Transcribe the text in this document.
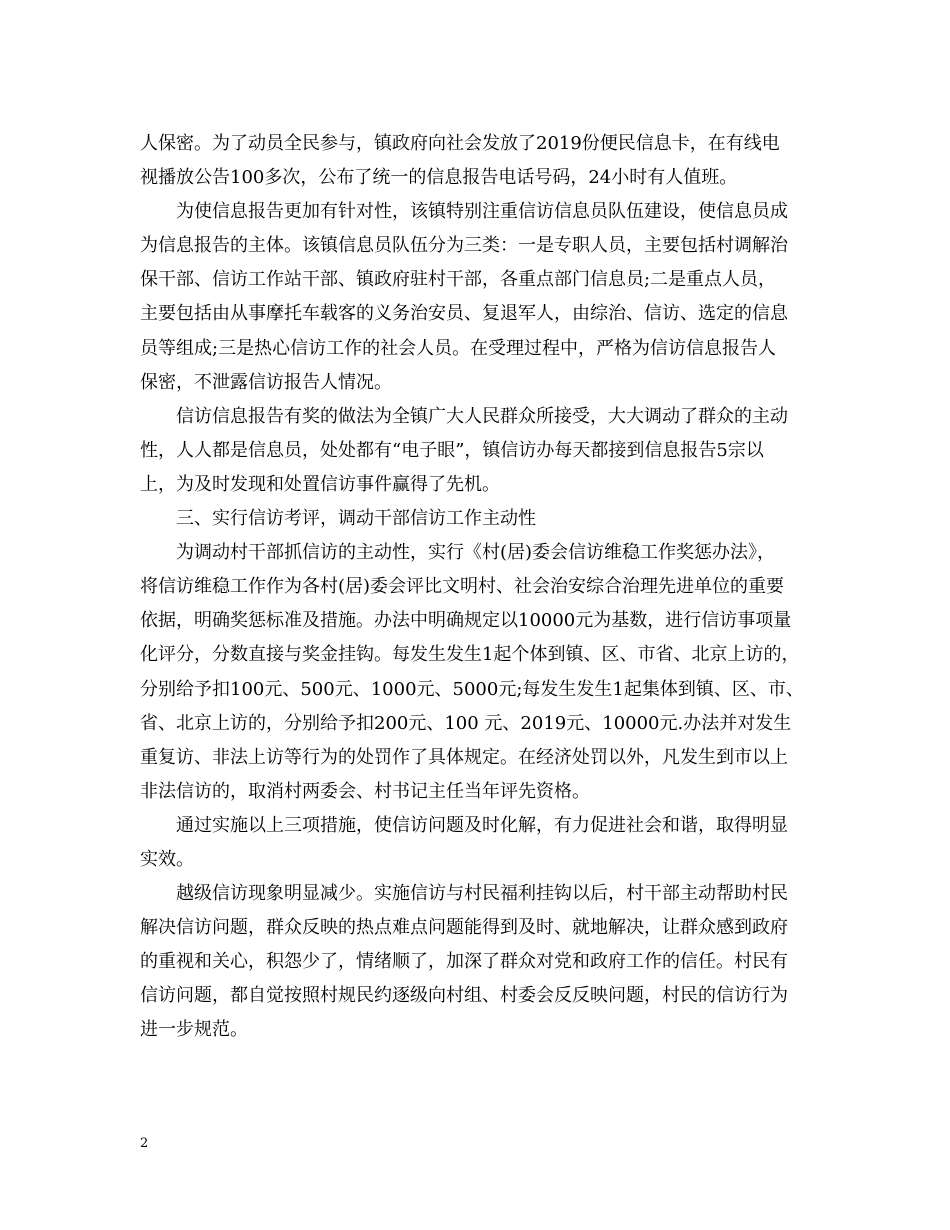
人保密。为了动员全民参与，镇政府向社会发放了2019份便民信息卡，在有线电
视播放公告100多次，公布了统一的信息报告电话号码，24小时有人值班。
　　为使信息报告更加有针对性，该镇特别注重信访信息员队伍建设，使信息员成
为信息报告的主体。该镇信息员队伍分为三类：一是专职人员，主要包括村调解治
保干部、信访工作站干部、镇政府驻村干部，各重点部门信息员;二是重点人员，
主要包括由从事摩托车载客的义务治安员、复退军人，由综治、信访、选定的信息
员等组成;三是热心信访工作的社会人员。在受理过程中，严格为信访信息报告人
保密，不泄露信访报告人情况。
　　信访信息报告有奖的做法为全镇广大人民群众所接受，大大调动了群众的主动
性，人人都是信息员，处处都有“电子眼”，镇信访办每天都接到信息报告5宗以
上，为及时发现和处置信访事件赢得了先机。
　　三、实行信访考评，调动干部信访工作主动性
　　为调动村干部抓信访的主动性，实行《村(居)委会信访维稳工作奖惩办法》，
将信访维稳工作作为各村(居)委会评比文明村、社会治安综合治理先进单位的重要
依据，明确奖惩标准及措施。办法中明确规定以10000元为基数，进行信访事项量
化评分，分数直接与奖金挂钩。每发生发生1起个体到镇、区、市省、北京上访的，
分别给予扣100元、500元、1000元、5000元;每发生发生1起集体到镇、区、市、
省、北京上访的，分别给予扣200元、100 元、2019元、10000元.办法并对发生
重复访、非法上访等行为的处罚作了具体规定。在经济处罚以外，凡发生到市以上
非法信访的，取消村两委会、村书记主任当年评先资格。
　　通过实施以上三项措施，使信访问题及时化解，有力促进社会和谐，取得明显
实效。
　　越级信访现象明显减少。实施信访与村民福利挂钩以后，村干部主动帮助村民
解决信访问题，群众反映的热点难点问题能得到及时、就地解决，让群众感到政府
的重视和关心，积怨少了，情绪顺了，加深了群众对党和政府工作的信任。村民有
信访问题，都自觉按照村规民约逐级向村组、村委会反反映问题，村民的信访行为
进一步规范。
2
